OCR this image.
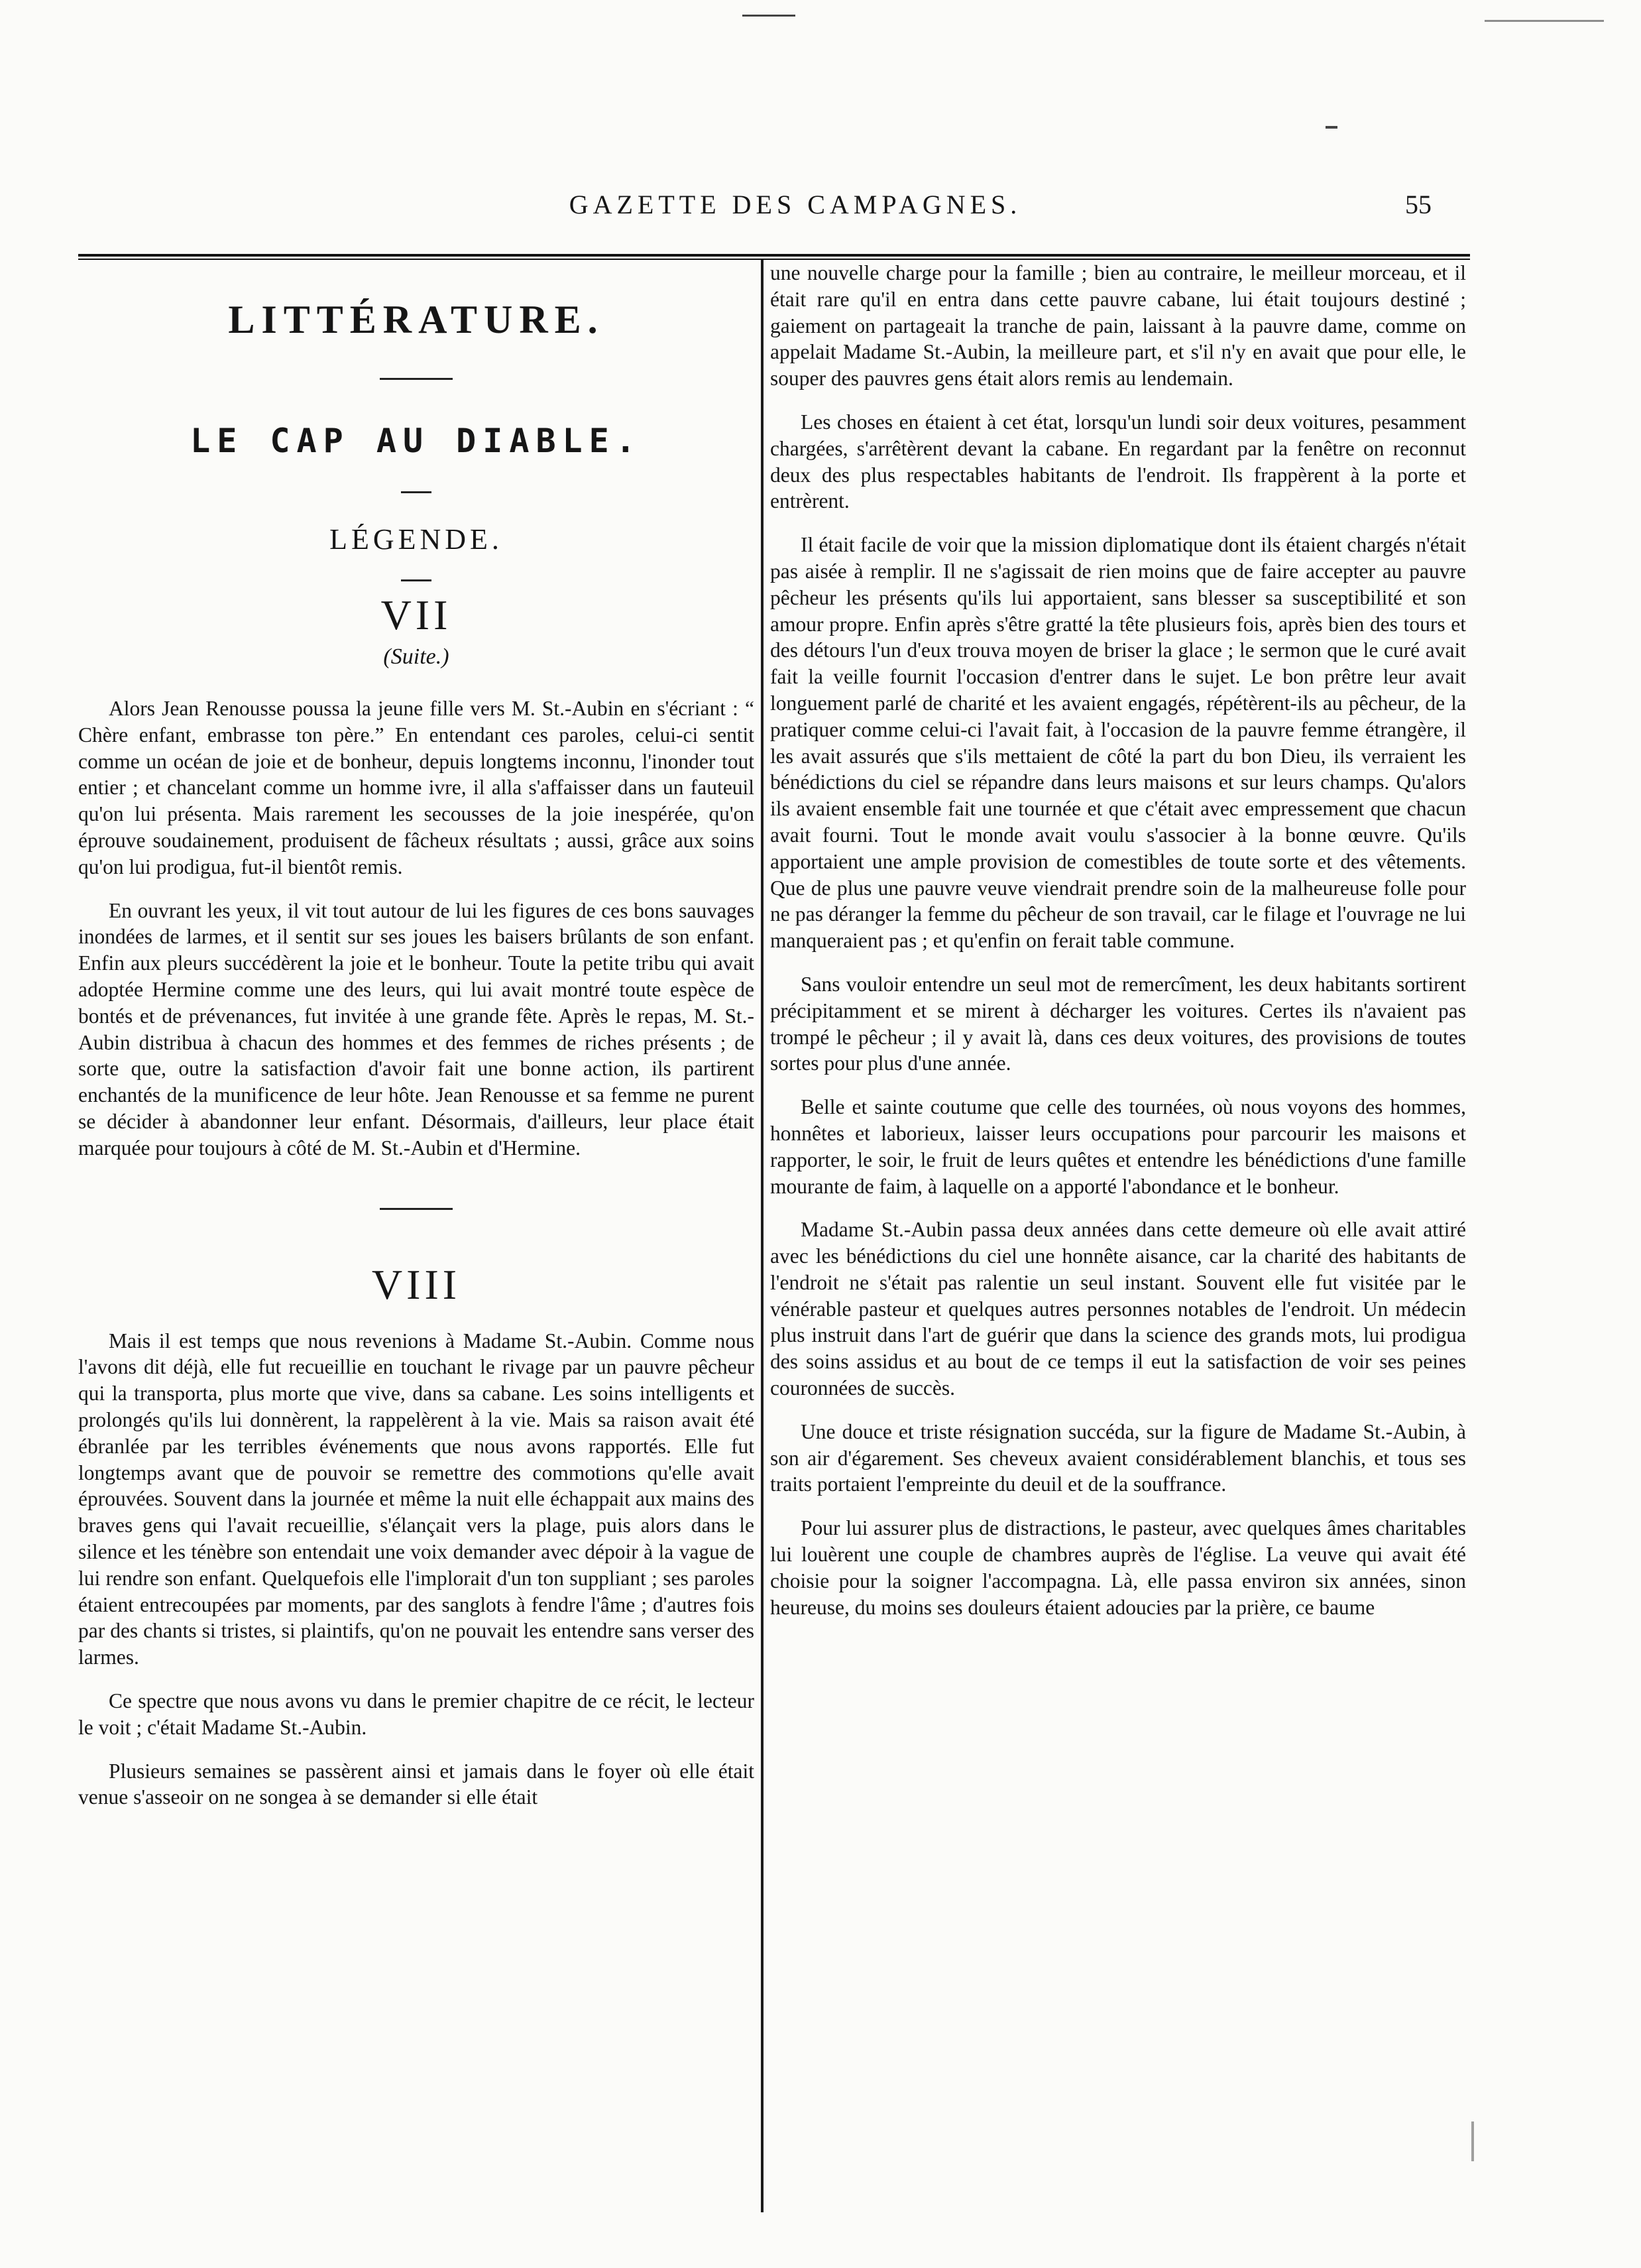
GAZETTE DES CAMPAGNES.	55
LITTÉRATURE.
LE CAP AU DIABLE.
LÉGENDE.
VII
(Suite.)

Alors Jean Renousse poussa la jeune fille vers M. St.-Aubin en s'écriant : “ Chère enfant, embrasse ton père.” En entendant ces paroles, celui-ci sentit comme un océan de joie et de bonheur, depuis longtems inconnu, l'inonder tout entier ; et chancelant comme un homme ivre, il alla s'affaisser dans un fauteuil qu'on lui présenta. Mais rarement les secousses de la joie inespérée, qu'on éprouve soudainement, produisent de fâcheux résultats ; aussi, grâce aux soins qu'on lui prodigua, fut-il bientôt remis.

En ouvrant les yeux, il vit tout autour de lui les figures de ces bons sauvages inondées de larmes, et il sentit sur ses joues les baisers brûlants de son enfant. Enfin aux pleurs succédèrent la joie et le bonheur. Toute la petite tribu qui avait adoptée Hermine comme une des leurs, qui lui avait montré toute espèce de bontés et de prévenances, fut invitée à une grande fête. Après le repas, M. St.-Aubin distribua à chacun des hommes et des femmes de riches présents ; de sorte que, outre la satisfaction d'avoir fait une bonne action, ils partirent enchantés de la munificence de leur hôte. Jean Renousse et sa femme ne purent se décider à abandonner leur enfant. Désormais, d'ailleurs, leur place était marquée pour toujours à côté de M. St.-Aubin et d'Hermine.

VIII

Mais il est temps que nous revenions à Madame St.-Aubin. Comme nous l'avons dit déjà, elle fut recueillie en touchant le rivage par un pauvre pêcheur qui la transporta, plus morte que vive, dans sa cabane. Les soins intelligents et prolongés qu'ils lui donnèrent, la rappelèrent à la vie. Mais sa raison avait été ébranlée par les terribles événements que nous avons rapportés. Elle fut longtemps avant que de pouvoir se remettre des commotions qu'elle avait éprouvées. Souvent dans la journée et même la nuit elle échappait aux mains des braves gens qui l'avait recueillie, s'élançait vers la plage, puis alors dans le silence et les ténèbre son entendait une voix demander avec dépoir à la vague de lui rendre son enfant. Quelquefois elle l'implorait d'un ton suppliant ; ses paroles étaient entrecoupées par moments, par des sanglots à fendre l'âme ; d'autres fois par des chants si tristes, si plaintifs, qu'on ne pouvait les entendre sans verser des larmes.

Ce spectre que nous avons vu dans le premier chapitre de ce récit, le lecteur le voit ; c'était Madame St.-Aubin.

Plusieurs semaines se passèrent ainsi et jamais dans le foyer où elle était venue s'asseoir on ne songea à se demander si elle était

une nouvelle charge pour la famille ; bien au contraire, le meilleur morceau, et il était rare qu'il en entra dans cette pauvre cabane, lui était toujours destiné ; gaiement on partageait la tranche de pain, laissant à la pauvre dame, comme on appelait Madame St.-Aubin, la meilleure part, et s'il n'y en avait que pour elle, le souper des pauvres gens était alors remis au lendemain.

Les choses en étaient à cet état, lorsqu'un lundi soir deux voitures, pesamment chargées, s'arrêtèrent devant la cabane. En regardant par la fenêtre on reconnut deux des plus respectables habitants de l'endroit. Ils frappèrent à la porte et entrèrent.

Il était facile de voir que la mission diplomatique dont ils étaient chargés n'était pas aisée à remplir. Il ne s'agissait de rien moins que de faire accepter au pauvre pêcheur les présents qu'ils lui apportaient, sans blesser sa susceptibilité et son amour propre. Enfin après s'être gratté la tête plusieurs fois, après bien des tours et des détours l'un d'eux trouva moyen de briser la glace ; le sermon que le curé avait fait la veille fournit l'occasion d'entrer dans le sujet. Le bon prêtre leur avait longuement parlé de charité et les avaient engagés, répétèrent-ils au pêcheur, de la pratiquer comme celui-ci l'avait fait, à l'occasion de la pauvre femme étrangère, il les avait assurés que s'ils mettaient de côté la part du bon Dieu, ils verraient les bénédictions du ciel se répandre dans leurs maisons et sur leurs champs. Qu'alors ils avaient ensemble fait une tournée et que c'était avec empressement que chacun avait fourni. Tout le monde avait voulu s'associer à la bonne œuvre. Qu'ils apportaient une ample provision de comestibles de toute sorte et des vêtements. Que de plus une pauvre veuve viendrait prendre soin de la malheureuse folle pour ne pas déranger la femme du pêcheur de son travail, car le filage et l'ouvrage ne lui manqueraient pas ; et qu'enfin on ferait table commune.

Sans vouloir entendre un seul mot de remercîment, les deux habitants sortirent précipitamment et se mirent à décharger les voitures. Certes ils n'avaient pas trompé le pêcheur ; il y avait là, dans ces deux voitures, des provisions de toutes sortes pour plus d'une année.

Belle et sainte coutume que celle des tournées, où nous voyons des hommes, honnêtes et laborieux, laisser leurs occupations pour parcourir les maisons et rapporter, le soir, le fruit de leurs quêtes et entendre les bénédictions d'une famille mourante de faim, à laquelle on a apporté l'abondance et le bonheur.

Madame St.-Aubin passa deux années dans cette demeure où elle avait attiré avec les bénédictions du ciel une honnête aisance, car la charité des habitants de l'endroit ne s'était pas ralentie un seul instant. Souvent elle fut visitée par le vénérable pasteur et quelques autres personnes notables de l'endroit. Un médecin plus instruit dans l'art de guérir que dans la science des grands mots, lui prodigua des soins assidus et au bout de ce temps il eut la satisfaction de voir ses peines couronnées de succès.

Une douce et triste résignation succéda, sur la figure de Madame St.-Aubin, à son air d'égarement. Ses cheveux avaient considérablement blanchis, et tous ses traits portaient l'empreinte du deuil et de la souffrance.

Pour lui assurer plus de distractions, le pasteur, avec quelques âmes charitables lui louèrent une couple de chambres auprès de l'église. La veuve qui avait été choisie pour la soigner l'accompagna. Là, elle passa environ six années, sinon heureuse, du moins ses douleurs étaient adoucies par la prière, ce baume
